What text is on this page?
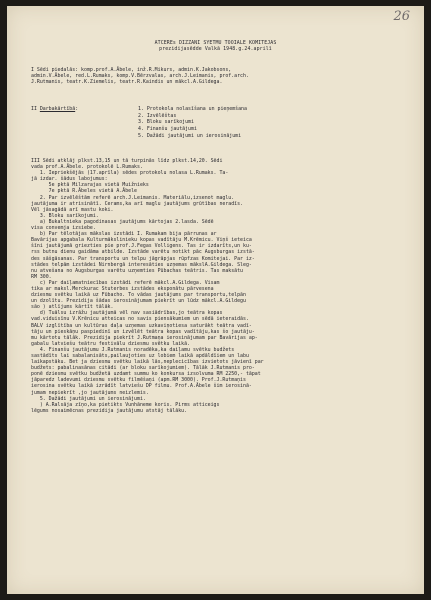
26
ATCEREs DIZZANI SYETMU TOOIALE KOMITEJAS
prezidijasēdde Valkā 1948.g.24.aprilī

I Sēdi piedalās: komp.prof.A.Ābele, inž.R.Mikurs, admin.K.Jakobsons,

admin.V.Ābele, red.L.Rumaks, komp.V.Bērzvalas, arch.J.Leimanis, prof.arch.

J.Rutmanis, teatr.K.Ziemelis, teatr.R.Kaindis un mākcl.A.Gildega.

II Darbakārtībā:	1. Protokola nolasīšana un pieņemšana
2. Izvēlēštas
3. Bloku sarīkojumi
4. Finanšu jautājumi
5. Dažādi jautājumi un ierosinājumi

III Sēdi atklāj plkst.13,15 un tā turpinās līdz plkst.14,20. Sēdi

vada prof.A.Ābele. protokolē L.Rumaks.

1. Iepriekšējās (17.aprīla) sēdes protokolu nolasa L.Rumaks. Ta-

jā izdar. šādus labojumus:

5e pktā Milzarajas vietā Muižnieks

7e pktā R.Ābeles vietā A.Ābele

2. Par izvēlēštām referē arch.J.Leimanis. Materiālu,izsenot maglu.

jautājuma ir atrisinātī. Cerams,ka arī maglu jautājums grūtības neradīs.

Vēl jāsagādā arī mastu koki.

3. Bloku sarīkojumi.

a) Bukaltnieka pagodinasas jautājums kārtojas 2.lasda. Sēdē

visa convemja izsiebe.

b) Par tēlotājas mākslas izstādi I. Rumakam bija pārrunas ar

Bavārijas apgabala Kulturmākslinieku kopas vadītāju M.Krēmicu. Viņš ieteica

šīni jautājumā griezties pie prof.J.Fegas Volligens. Tas ir izdarīts,un ku-

rss butnu dienu gaidāma atbilde. Izstāde varētu notikt pāc Augsburgas izstā-

des sāšgāsanas. Par transportu un telpu jāgrāpjas rūpfzas Komitejai. Par iz-

stādes telpām izstādei Nirnbergā interesāties uzņemas mākslA.Gildega. Sleg-

nu atvešana no Augsburgas varētu uzņemties Pūbachas teātris. Tas maksātu

RM 300.

c) Par daiļamatniecības izstādi referē mākcl.A.Gildega. Visam

tika ar maksl.Merckurac Stuterbes izstādes eksponātu pārvesena

dziesmu svētku laikā uz Fūbacho. To vādas jautājums par transportu,telpān

un dzolītu. Prezidija šādas ierosinājumam piekrīt un lūdz mākcl.A.Gildegu

sāo ) atlījums kārtīt tālāk.

d) Tuālsu izrāžu jautājumā vēl nav sasiādrības,jo teātra kopas

vad.viduisīnu V.Krēnicu atteicas no savis piensākumiem un sēdā ieteraidās.

BALV izglītība un kultūras daļa uzņemas uzkaviņotiesa saturākt teātra vadī-

tāju un pieskāņu paspiedinī un izvēlēt teātra kopas vadītāju,kas šo jautāju-

mu kārtotu tālāk. Prezidija piekrīt J.Rutmaņa ierosinājumam par Bavārijas ap-

gabalu latviešu teātru festivālu dziesmu svētku laikā.

4. Finanšu jautājumu J.Rutmanis noradēka,ka daiļamu svētku budžets

sastādīts lai sabalanisāts,pailaujoties uz lobiem laikā apdāldīiem un labu

laikapstāku. Bet ja dziesmu svētku laikā lās,neplecicības izvietots jāvienī par

budžets: pabalinasānas citādi (ar bloku sarīkojumiem). Tālāk J.Rutmanis pro-

ponē dziesmu svētku budžetā uzdamt summu ko konkursa izsolvuma RM 2250,- tāpat

jāparedz ladevumi dziesmu svētku filmēšaņi (apm.RM 3000). Prof.J.Rutmaņis

ierosina svētku laikā izrādīt latviešu DP filmu. Prof.A.Ābele šim ierosinā-

jumam nepiekrīt ,jo jautājums neizlemis.

5. Dažādi jautājumi un ierosinājumi.

) A.Ralsāja zīņo,ka pietikts Vunhāneme koris. Pirms atticeigs

lēgums nosaimēcnas prezidija jautājumu atstāj tālāku.
